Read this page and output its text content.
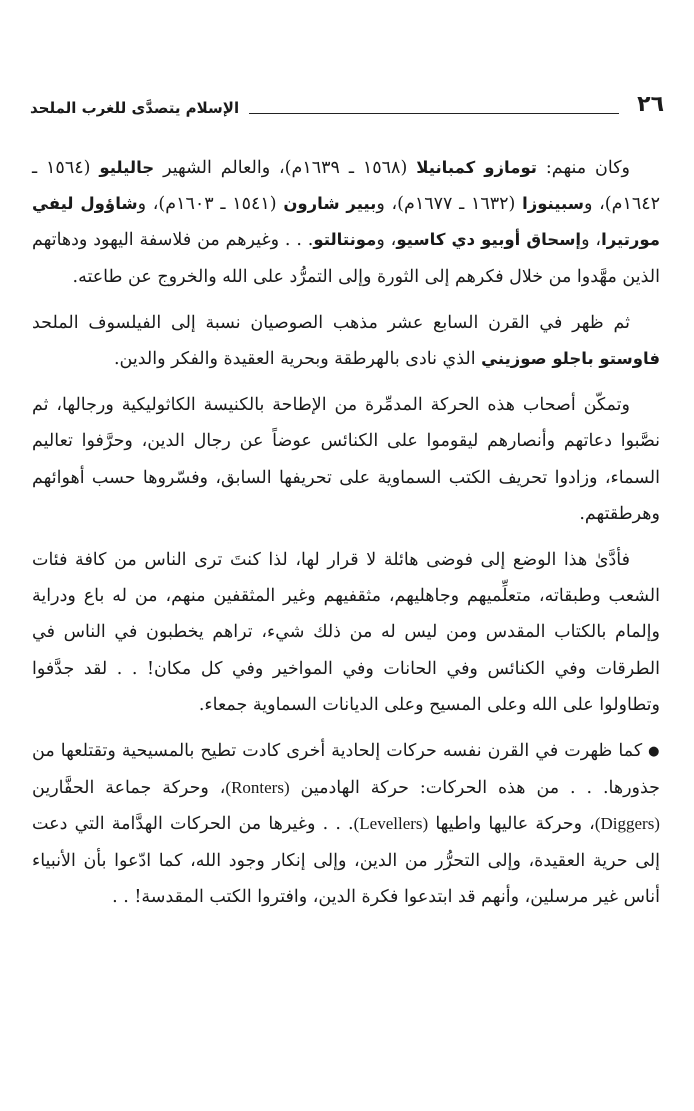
٢٦
الإسلام يتصدَّى للغرب الملحد

وكان منهم: تومازو كمبانيلا (١٥٦٨ ـ ١٦٣٩م)، والعالم الشهير جاليليو (١٥٦٤ ـ ١٦٤٢م)، وسبينوزا (١٦٣٢ ـ ١٦٧٧م)، وبيير شارون (١٥٤١ ـ ١٦٠٣م)، وشاؤول ليفي مورتيرا، وإسحاق أوبيو دي كاسيو، ومونتالتو. . . وغيرهم من فلاسفة اليهود ودهاتهم الذين مهَّدوا من خلال فكرهم إلى الثورة وإلى التمرُّد على الله والخروج عن طاعته.

ثم ظهر في القرن السابع عشر مذهب الصوصيان نسبة إلى الفيلسوف الملحد فاوستو باجلو صوزيني الذي نادى بالهرطقة وبحرية العقيدة والفكر والدين.

وتمكّن أصحاب هذه الحركة المدمِّرة من الإطاحة بالكنيسة الكاثوليكية ورجالها، ثم نصَّبوا دعاتهم وأنصارهم ليقوموا على الكنائس عوضاً عن رجال الدين، وحرَّفوا تعاليم السماء، وزادوا تحريف الكتب السماوية على تحريفها السابق، وفسّروها حسب أهوائهم وهرطقتهم.

فأدَّىٰ هذا الوضع إلى فوضى هائلة لا قرار لها، لذا كنتَ ترى الناس من كافة فئات الشعب وطبقاته، متعلِّميهم وجاهليهم، مثقفيهم وغير المثقفين منهم، من له باع ودراية وإلمام بالكتاب المقدس ومن ليس له من ذلك شيء، تراهم يخطبون في الناس في الطرقات وفي الكنائس وفي الحانات وفي المواخير وفي كل مكان! . . لقد جدَّفوا وتطاولوا على الله وعلى المسيح وعلى الديانات السماوية جمعاء.

● كما ظهرت في القرن نفسه حركات إلحادية أخرى كادت تطيح بالمسيحية وتقتلعها من جذورها. . . من هذه الحركات: حركة الهادمين (Ronters)، وحركة جماعة الحفَّارين (Diggers)، وحركة عاليها واطيها (Levellers). . . وغيرها من الحركات الهدَّامة التي دعت إلى حرية العقيدة، وإلى التحرُّر من الدين، وإلى إنكار وجود الله، كما ادّعوا بأن الأنبياء أناس غير مرسلين، وأنهم قد ابتدعوا فكرة الدين، وافتروا الكتب المقدسة! . .
